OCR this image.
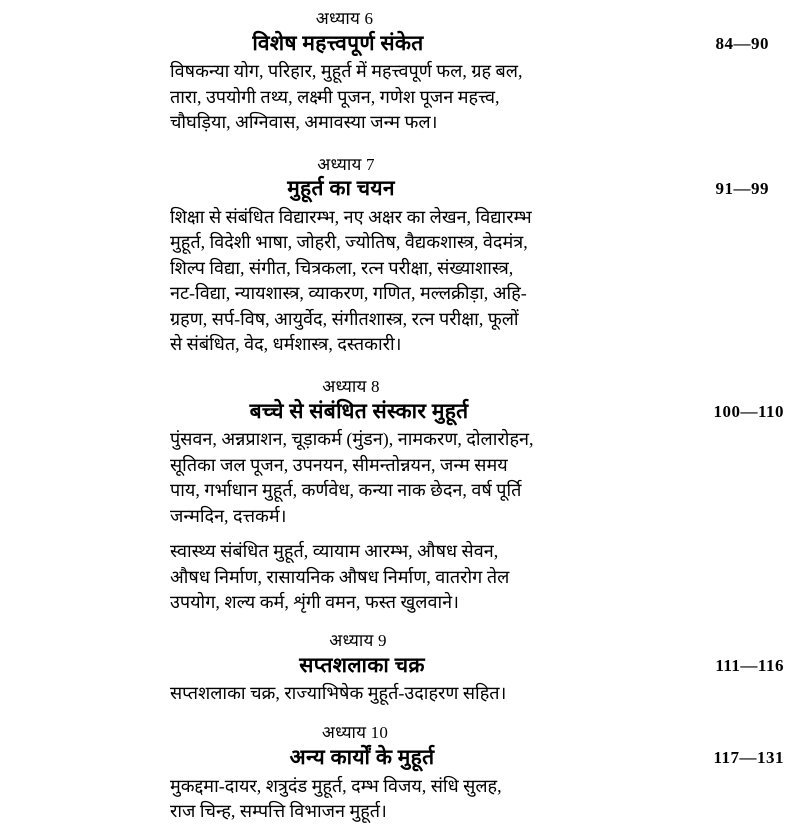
अध्याय 6
विशेष महत्त्वपूर्ण संकेत	84—90
विषकन्या योग, परिहार, मुहूर्त में महत्त्वपूर्ण फल, ग्रह बल,
तारा, उपयोगी तथ्य, लक्ष्मी पूजन, गणेश पूजन महत्त्व,
चौघड़िया, अग्निवास, अमावस्या जन्म फल।
अध्याय 7
मुहूर्त का चयन	91—99
शिक्षा से संबंधित विद्यारम्भ, नए अक्षर का लेखन, विद्यारम्भ
मुहूर्त, विदेशी भाषा, जोहरी, ज्योतिष, वैद्यकशास्त्र, वेदमंत्र,
शिल्प विद्या, संगीत, चित्रकला, रत्न परीक्षा, संख्याशास्त्र,
नट-विद्या, न्यायशास्त्र, व्याकरण, गणित, मल्लक्रीड़ा, अहि-
ग्रहण, सर्प-विष, आयुर्वेद, संगीतशास्त्र, रत्न परीक्षा, फूलों
से संबंधित, वेद, धर्मशास्त्र, दस्तकारी।
अध्याय 8
बच्चे से संबंधित संस्कार मुहूर्त	100—110
पुंसवन, अन्नप्राशन, चूड़ाकर्म (मुंडन), नामकरण, दोलारोहन,
सूतिका जल पूजन, उपनयन, सीमन्तोन्नयन, जन्म समय
पाय, गर्भाधान मुहूर्त, कर्णवेध, कन्या नाक छेदन, वर्ष पूर्ति
जन्मदिन, दत्तकर्म।
स्वास्थ्य संबंधित मुहूर्त, व्यायाम आरम्भ, औषध सेवन,
औषध निर्माण, रासायनिक औषध निर्माण, वातरोग तेल
उपयोग, शल्य कर्म, शृंगी वमन, फस्त खुलवाने।
अध्याय 9
सप्तशलाका चक्र	111—116
सप्तशलाका चक्र, राज्याभिषेक मुहूर्त-उदाहरण सहित।
अध्याय 10
अन्य कार्यों के मुहूर्त	117—131
मुकद्दमा-दायर, शत्रुदंड मुहूर्त, दम्भ विजय, संधि सुलह,
राज चिन्ह, सम्पत्ति विभाजन मुहूर्त।
